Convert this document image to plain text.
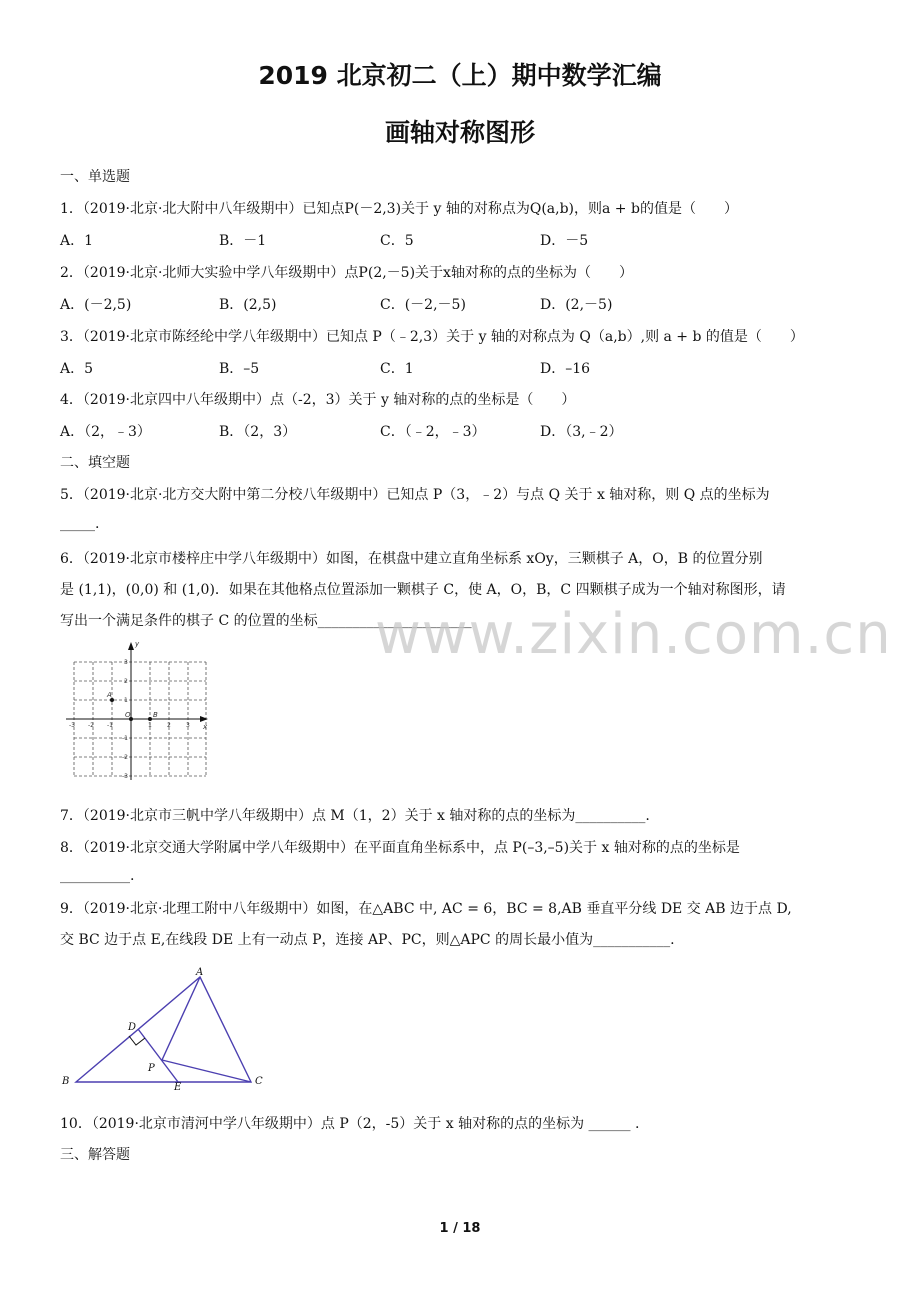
2019 北京初二（上）期中数学汇编
画轴对称图形
一、单选题
1．（2019·北京·北大附中八年级期中）已知点P(－2,3)关于 y 轴的对称点为Q(a,b)，则a + b的值是（　　）
A．1	B．－1	C．5	D．－5
2．（2019·北京·北师大实验中学八年级期中）点P(2,－5)关于x轴对称的点的坐标为（　　）
A．(－2,5)	B．(2,5)	C．(－2,－5)	D．(2,－5)
3．（2019·北京市陈经纶中学八年级期中）已知点 P（﹣2,3）关于 y 轴的对称点为 Q（a,b）,则 a + b 的值是（　　）
A．5	B．–5	C．1	D．–16
4．（2019·北京四中八年级期中）点（-2，3）关于 y 轴对称的点的坐标是（　　）
A．（2，﹣3）	B．（2，3）	C．（﹣2，﹣3）	D．（3,﹣2）
二、填空题
5．（2019·北京·北方交大附中第二分校八年级期中）已知点 P（3，﹣2）与点 Q 关于 x 轴对称，则 Q 点的坐标为
_____.
6．（2019·北京市楼梓庄中学八年级期中）如图，在棋盘中建立直角坐标系 xOy，三颗棋子 A，O，B 的位置分别
是 (1,1)，(0,0) 和 (1,0)．如果在其他格点位置添加一颗棋子 C，使 A，O，B，C 四颗棋子成为一个轴对称图形，请
写出一个满足条件的棋子 C 的位置的坐标______________________
www.zixin.com.cn
y
x
A
O	B
-3 -2 -1	1	2	3
3
2
1
-1
-2
-3
7．（2019·北京市三帆中学八年级期中）点 M（1，2）关于 x 轴对称的点的坐标为__________.
8．（2019·北京交通大学附属中学八年级期中）在平面直角坐标系中，点 P(–3,–5)关于 x 轴对称的点的坐标是
__________.
9．（2019·北京·北理工附中八年级期中）如图，在△ABC 中, AC = 6，BC = 8,AB 垂直平分线 DE 交 AB 边于点 D,
交 BC 边于点 E,在线段 DE 上有一动点 P，连接 AP、PC，则△APC 的周长最小值为___________.
A
B	C
D
E
P
10．（2019·北京市清河中学八年级期中）点 P（2，-5）关于 x 轴对称的点的坐标为 ______ .
三、解答题
1 / 18
